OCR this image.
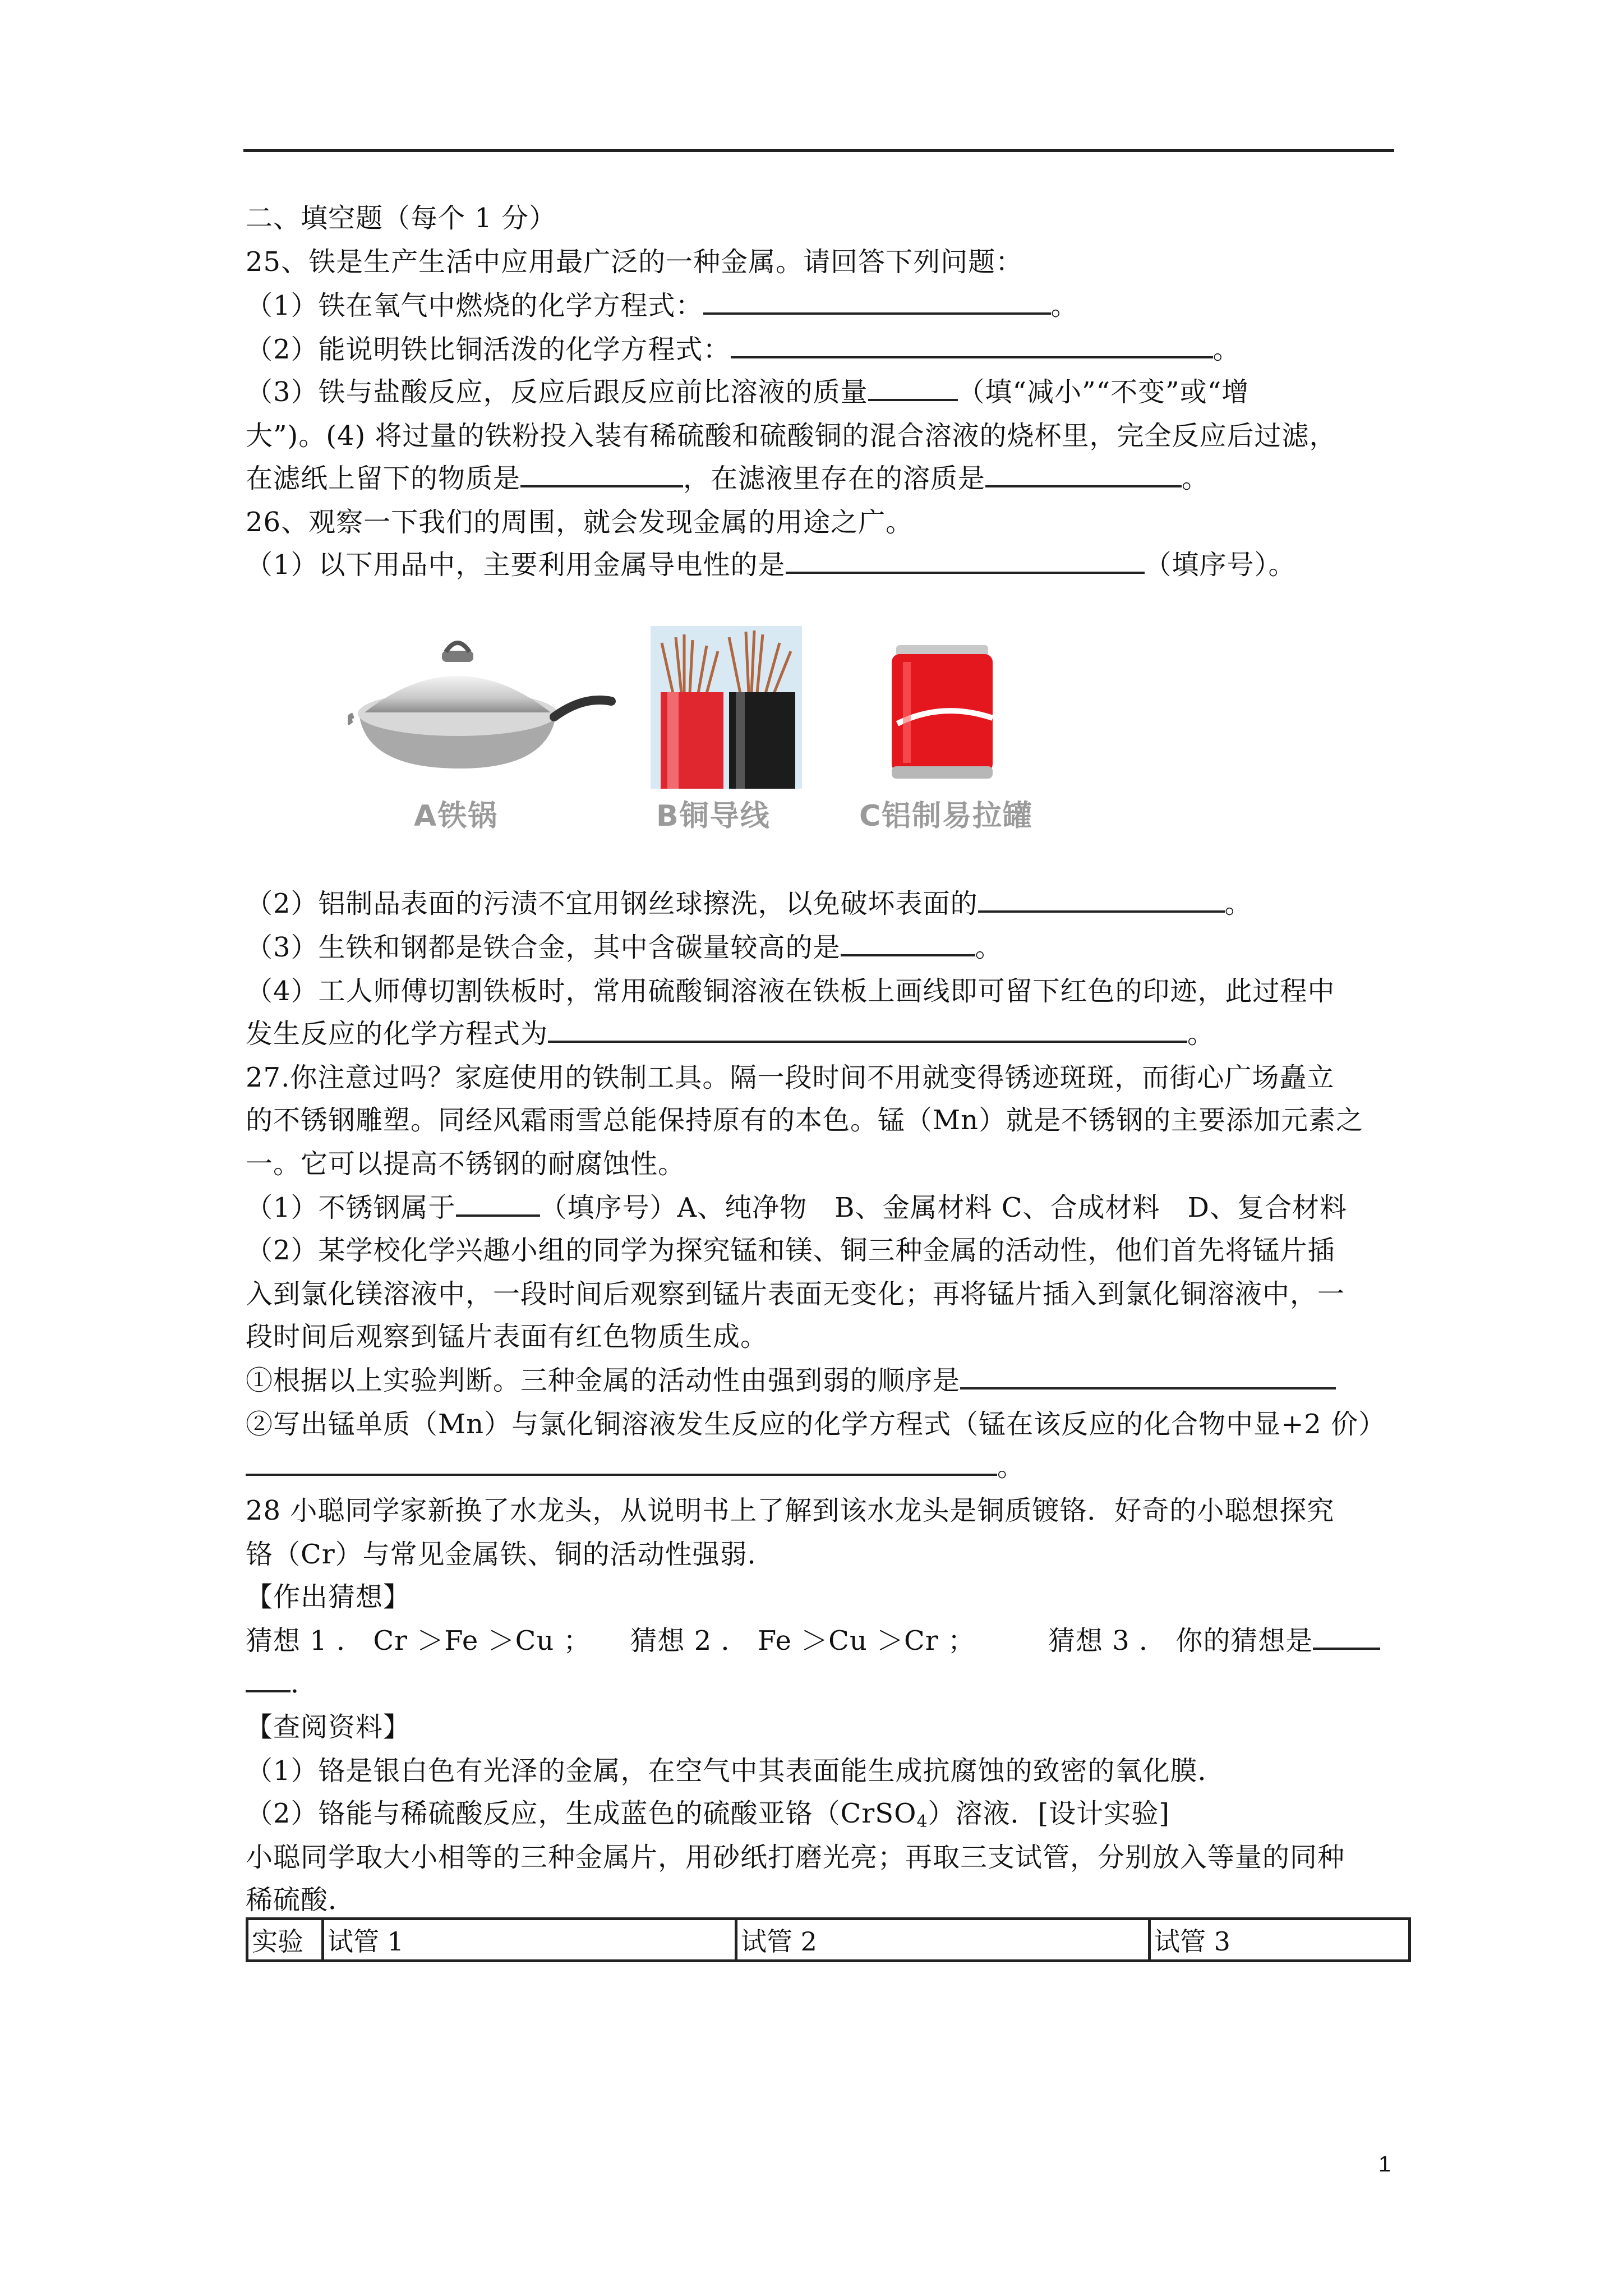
二、填空题（每个 1 分）
25、铁是生产生活中应用最广泛的一种金属。请回答下列问题：
（1）铁在氧气中燃烧的化学方程式：	。
（2）能说明铁比铜活泼的化学方程式：	。
（3）铁与盐酸反应，反应后跟反应前比溶液的质量	（填“减小”“不变”或“增
大”)。(4) 将过量的铁粉投入装有稀硫酸和硫酸铜的混合溶液的烧杯里，完全反应后过滤，
在滤纸上留下的物质是	，在滤液里存在的溶质是	。
26、观察一下我们的周围，就会发现金属的用途之广。
（1）以下用品中，主要利用金属导电性的是	（填序号）。
A铁锅	B铜导线	C铝制易拉罐
（2）铝制品表面的污渍不宜用钢丝球擦洗，以免破坏表面的	。
（3）生铁和钢都是铁合金，其中含碳量较高的是	。
（4）工人师傅切割铁板时，常用硫酸铜溶液在铁板上画线即可留下红色的印迹，此过程中
发生反应的化学方程式为	。
27.你注意过吗？家庭使用的铁制工具。隔一段时间不用就变得锈迹斑斑，而街心广场矗立
的不锈钢雕塑。同经风霜雨雪总能保持原有的本色。锰（Mn）就是不锈钢的主要添加元素之
一。它可以提高不锈钢的耐腐蚀性。
（1）不锈钢属于	（填序号）A、纯净物　B、金属材料 C、合成材料　D、复合材料
（2）某学校化学兴趣小组的同学为探究锰和镁、铜三种金属的活动性，他们首先将锰片插
入到氯化镁溶液中，一段时间后观察到锰片表面无变化；再将锰片插入到氯化铜溶液中，一
段时间后观察到锰片表面有红色物质生成。
①根据以上实验判断。三种金属的活动性由强到弱的顺序是
②写出锰单质（Mn）与氯化铜溶液发生反应的化学方程式（锰在该反应的化合物中显+2 价）
。
28 小聪同学家新换了水龙头，从说明书上了解到该水龙头是铜质镀铬．好奇的小聪想探究
铬（Cr）与常见金属铁、铜的活动性强弱．
【作出猜想】
猜想 1 ． Cr ＞Fe ＞Cu ； 猜想 2 ． Fe ＞Cu ＞Cr ；	猜想 3 ． 你的猜想是
．
【查阅资料】
（1）铬是银白色有光泽的金属，在空气中其表面能生成抗腐蚀的致密的氧化膜．
（2）铬能与稀硫酸反应，生成蓝色的硫酸亚铬（CrSO$_4$）溶液．[设计实验]
小聪同学取大小相等的三种金属片，用砂纸打磨光亮；再取三支试管，分别放入等量的同种
稀硫酸．
实验	试管 1	试管 2	试管 3
1
